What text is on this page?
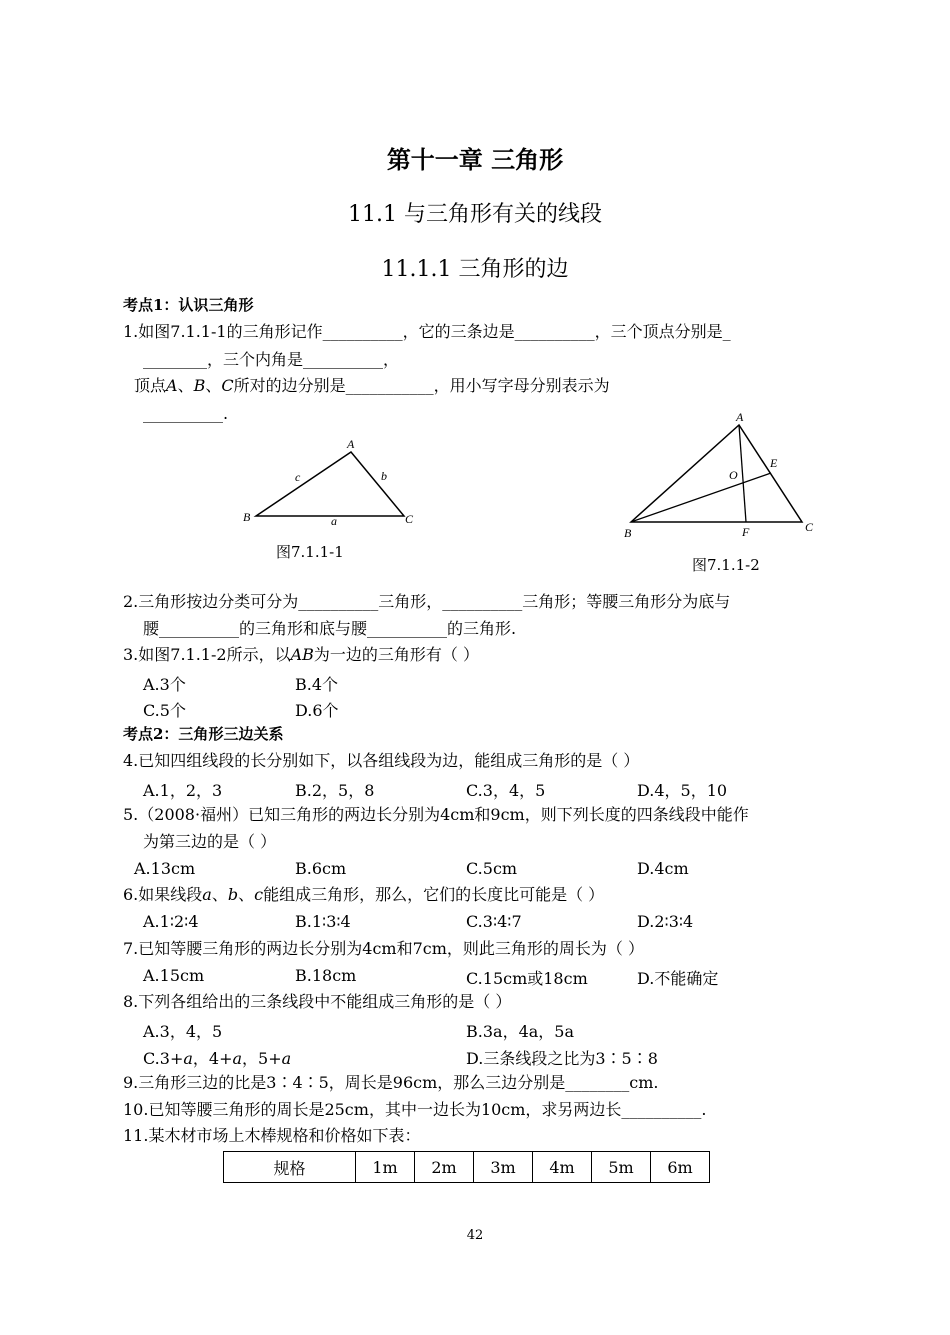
第十一章 三角形
11.1 与三角形有关的线段
11.1.1 三角形的边
考点1：认识三角形
1.如图7.1.1-1的三角形记作__________，它的三条边是__________，三个顶点分别是_
________，三个内角是__________，
顶点A、B、C所对的边分别是___________，用小写字母分别表示为
__________.
A
B	C
a
b
c
图7.1.1-1
A
B	C
E
F
O
图7.1.1-2
2.三角形按边分类可分为__________三角形，__________三角形；等腰三角形分为底与
腰__________的三角形和底与腰__________的三角形.
3.如图7.1.1-2所示，以AB为一边的三角形有（ ）
A.3个	B.4个
C.5个	D.6个
考点2：三角形三边关系
4.已知四组线段的长分别如下，以各组线段为边，能组成三角形的是（ ）
A.1，2，3	B.2，5，8	C.3，4，5	D.4，5，10
5.（2008·福州）已知三角形的两边长分别为4cm和9cm，则下列长度的四条线段中能作
为第三边的是（ ）
A.13cm	B.6cm	C.5cm	D.4cm
6.如果线段a、b、c能组成三角形，那么，它们的长度比可能是（ ）
A.1∶2∶4	B.1∶3∶4	C.3∶4∶7	D.2∶3∶4
7.已知等腰三角形的两边长分别为4cm和7cm，则此三角形的周长为（ ）
A.15cm	B.18cm	C.15cm或18cm	D.不能确定
8.下列各组给出的三条线段中不能组成三角形的是（ ）
A.3，4，5	B.3a，4a，5a
C.3+a，4+a，5+a	D.三条线段之比为3∶5∶8
9.三角形三边的比是3∶4∶5，周长是96cm，那么三边分别是________cm.
10.已知等腰三角形的周长是25cm，其中一边长为10cm，求另两边长__________.
11.某木材市场上木棒规格和价格如下表：
规格	1m	2m	3m	4m	5m	6m
42
